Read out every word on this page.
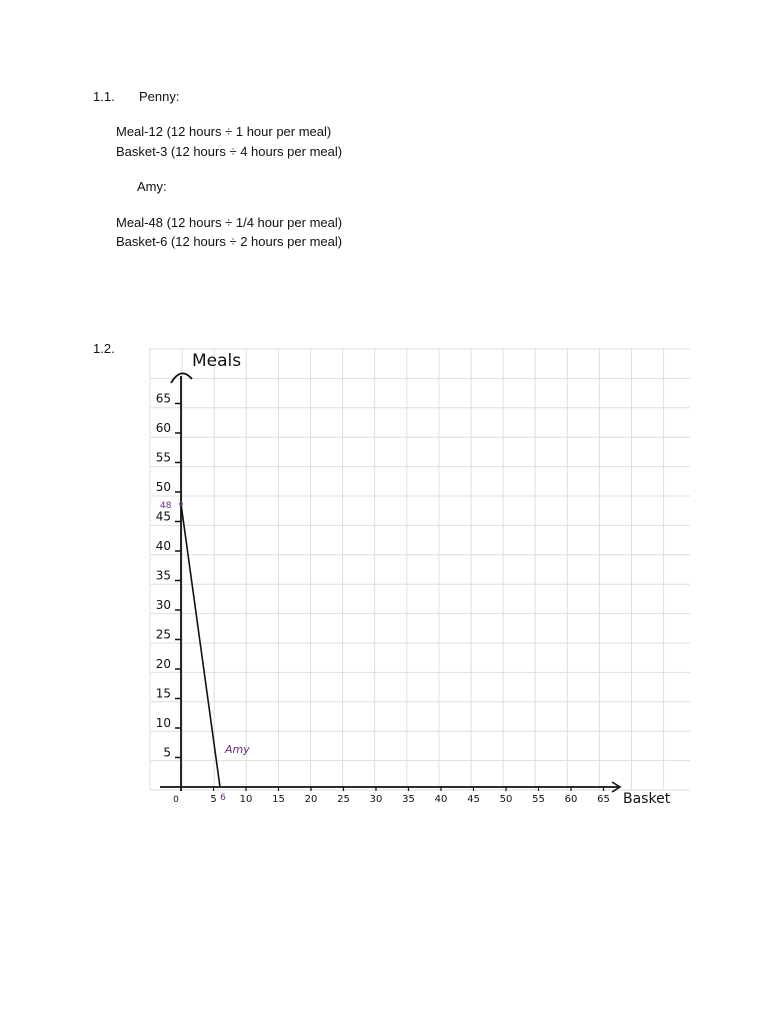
1.1. Penny:
Meal-12 (12 hours ÷ 1 hour per meal)
Basket-3 (12 hours ÷ 4 hours per meal)
Amy:
Meal-48 (12 hours ÷ 1/4 hour per meal)
Basket-6 (12 hours ÷ 2 hours per meal)
1.2.
0	5 10 15 20 25 30 35 40 45 50 55 60 65
5
10
15
20
25
30
35
40
45
50
55
60
65
48
6
Amy
Meals
Basket
